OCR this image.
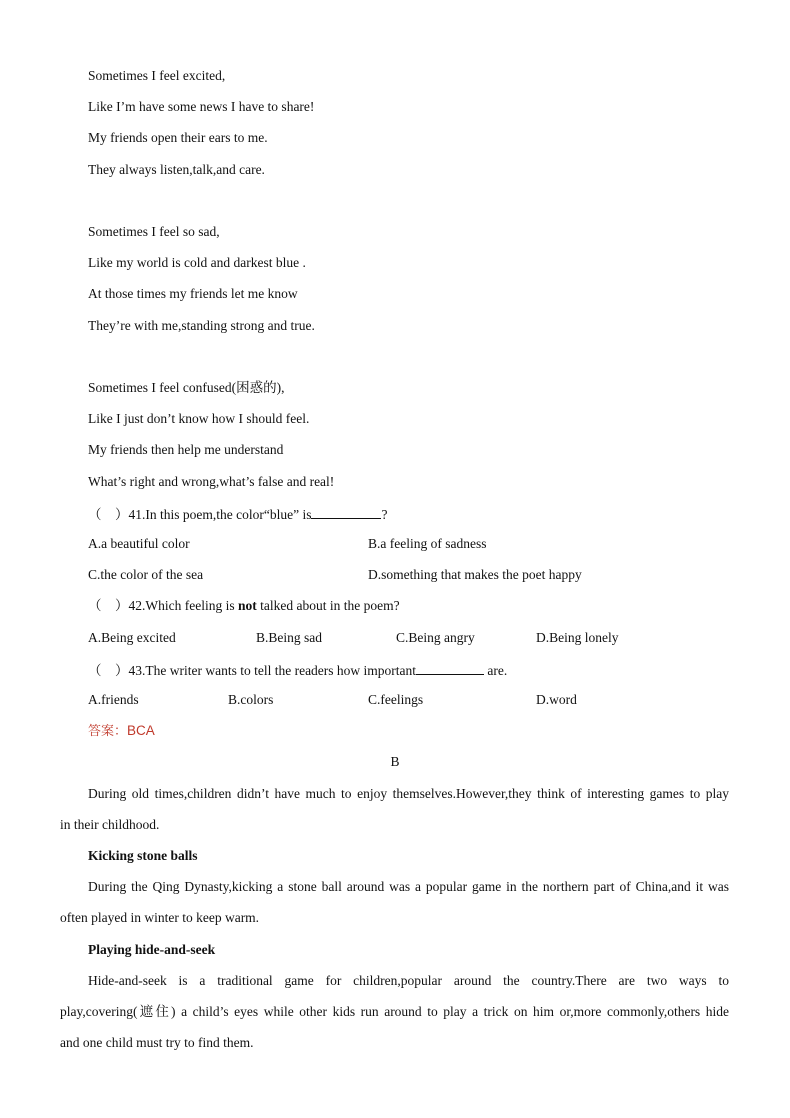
Sometimes I feel excited,
Like I’m have some news I have to share!
My friends open their ears to me.
They always listen,talk,and care.
Sometimes I feel so sad,
Like my world is cold and darkest blue .
At those times my friends let me know
They’re with me,standing strong and true.
Sometimes I feel confused(困惑的),
Like I just don’t know how I should feel.
My friends then help me understand
What’s right and wrong,what’s false and real!
（　）41.In this poem,the color“blue” is	?
A.a beautiful color	B.a feeling of sadness
C.the color of the sea	D.something that makes the poet happy
（　）42.Which feeling is not talked about in the poem?
A.Being excited	B.Being sad	C.Being angry	D.Being lonely
（　）43.The writer wants to tell the readers how important	are.
A.friends	B.colors	C.feelings	D.word
答案：BCA
B
During old times,children didn’t have much to enjoy themselves.However,they think of interesting games to play
in their childhood.
Kicking stone balls
During the Qing Dynasty,kicking a stone ball around was a popular game in the northern part of China,and it was
often played in winter to keep warm.
Playing hide-and-seek
Hide-and-seek is a traditional game for children,popular around the country.There are two ways to
play,covering(遮住) a child’s eyes while other kids run around to play a trick on him or,more commonly,others hide
and one child must try to find them.
